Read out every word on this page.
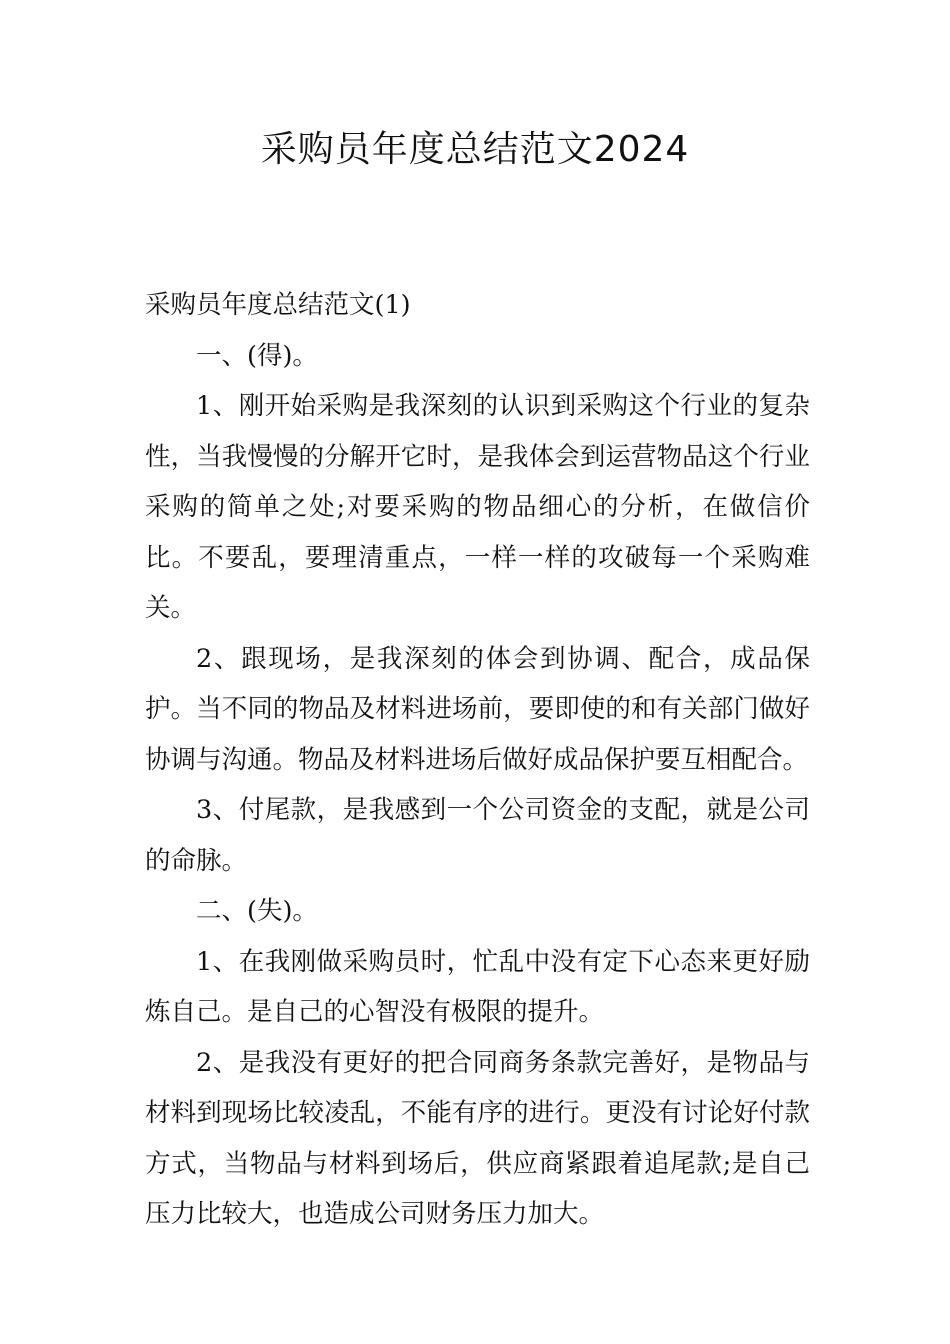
采购员年度总结范文2024

采购员年度总结范文(1)

一、(得)。

1、刚开始采购是我深刻的认识到采购这个行业的复杂性，当我慢慢的分解开它时，是我体会到运营物品这个行业采购的简单之处;对要采购的物品细心的分析，在做信价比。不要乱，要理清重点，一样一样的攻破每一个采购难关。

2、跟现场，是我深刻的体会到协调、配合，成品保护。当不同的物品及材料进场前，要即使的和有关部门做好协调与沟通。物品及材料进场后做好成品保护要互相配合。

3、付尾款，是我感到一个公司资金的支配，就是公司的命脉。

二、(失)。

1、在我刚做采购员时，忙乱中没有定下心态来更好励炼自己。是自己的心智没有极限的提升。

2、是我没有更好的把合同商务条款完善好，是物品与材料到现场比较凌乱，不能有序的进行。更没有讨论好付款方式，当物品与材料到场后，供应商紧跟着追尾款;是自己压力比较大，也造成公司财务压力加大。
